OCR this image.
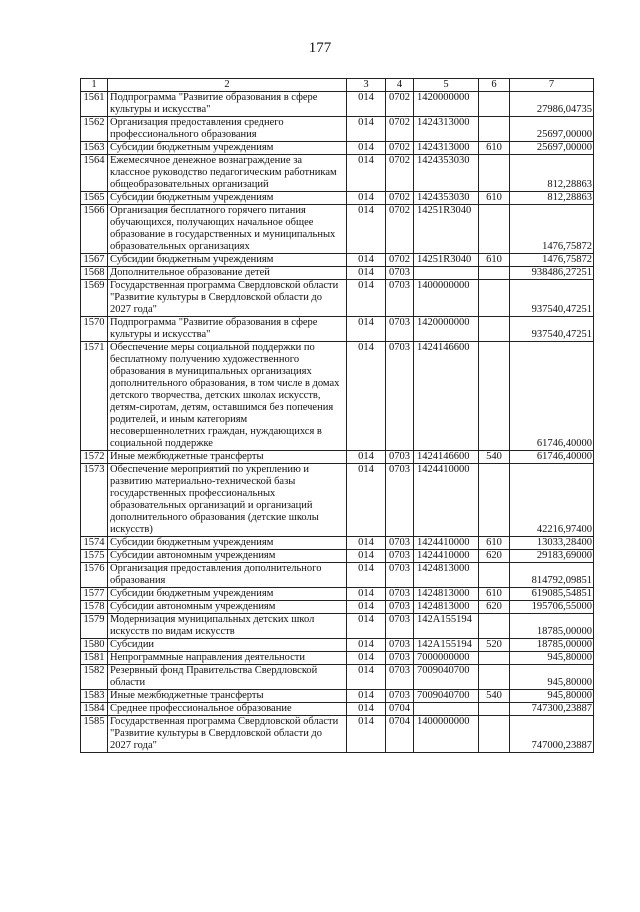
177
1	2	3	4	5	6	7
1561	Подпрограмма "Развитие образования в сфере культуры и искусства"	014	0702	1420000000		27986,04735
1562	Организация предоставления среднего профессионального образования	014	0702	1424313000		25697,00000
1563	Субсидии бюджетным учреждениям	014	0702	1424313000	610	25697,00000
1564	Ежемесячное денежное вознаграждение за классное руководство педагогическим работникам общеобразовательных организаций	014	0702	1424353030		812,28863
1565	Субсидии бюджетным учреждениям	014	0702	1424353030	610	812,28863
1566	Организация бесплатного горячего питания обучающихся, получающих начальное общее образование в государственных и муниципальных образовательных организациях	014	0702	14251R3040		1476,75872
1567	Субсидии бюджетным учреждениям	014	0702	14251R3040	610	1476,75872
1568	Дополнительное образование детей	014	0703			938486,27251
1569	Государственная программа Свердловской области "Развитие культуры в Свердловской области до 2027 года"	014	0703	1400000000		937540,47251
1570	Подпрограмма "Развитие образования в сфере культуры и искусства"	014	0703	1420000000		937540,47251
1571	Обеспечение меры социальной поддержки по бесплатному получению художественного образования в муниципальных организациях дополнительного образования, в том числе в домах детского творчества, детских школах искусств, детям-сиротам, детям, оставшимся без попечения родителей, и иным категориям несовершеннолетних граждан, нуждающихся в социальной поддержке	014	0703	1424146600		61746,40000
1572	Иные межбюджетные трансферты	014	0703	1424146600	540	61746,40000
1573	Обеспечение мероприятий по укреплению и развитию материально-технической базы государственных профессиональных образовательных организаций и организаций дополнительного образования (детские школы искусств)	014	0703	1424410000		42216,97400
1574	Субсидии бюджетным учреждениям	014	0703	1424410000	610	13033,28400
1575	Субсидии автономным учреждениям	014	0703	1424410000	620	29183,69000
1576	Организация предоставления дополнительного образования	014	0703	1424813000		814792,09851
1577	Субсидии бюджетным учреждениям	014	0703	1424813000	610	619085,54851
1578	Субсидии автономным учреждениям	014	0703	1424813000	620	195706,55000
1579	Модернизация муниципальных детских школ искусств по видам искусств	014	0703	142A155194		18785,00000
1580	Субсидии	014	0703	142A155194	520	18785,00000
1581	Непрограммные направления деятельности	014	0703	7000000000		945,80000
1582	Резервный фонд Правительства Свердловской области	014	0703	7009040700		945,80000
1583	Иные межбюджетные трансферты	014	0703	7009040700	540	945,80000
1584	Среднее профессиональное образование	014	0704			747300,23887
1585	Государственная программа Свердловской области "Развитие культуры в Свердловской области до 2027 года"	014	0704	1400000000		747000,23887
